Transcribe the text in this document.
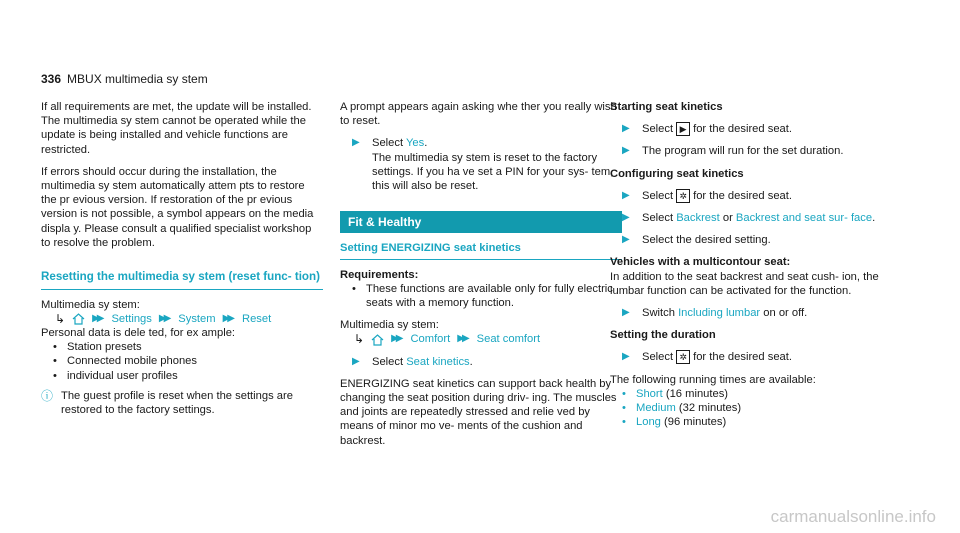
336 MBUX multimedia sy stem

If all requirements are met, the update will be installed. The multimedia sy stem cannot be operated while the update is being installed and vehicle functions are restricted.

If errors should occur during the installation, the multimedia sy stem automatically attem pts to restore the pr evious version. If restoration of the pr evious version is not possible, a symbol appears on the media displa y. Please consult a qualified specialist workshop to resolve the problem.

Resetting the multimedia sy stem (reset func‐ tion)

Multimedia sy stem:

↳	▶▶ Settings ▶▶ System ▶▶ Reset

Personal data is dele ted, for ex ample:

• Station presets
• Connected mobile phones
• individual user profiles
ⓘ The guest profile is reset when the settings are restored to the factory settings.

A prompt appears again asking whe ther you really wish to reset.

▶	Select Yes.
The multimedia sy stem is reset to the factory settings. If you ha ve set a PIN for your sys‐ tem, this will also be reset.
Fit & Healthy
Setting ENERGIZING seat kinetics

Requirements:

• These functions are available only for fully electric seats with a memory function.

Multimedia sy stem:

↳	▶▶ Comfort ▶▶ Seat comfort
▶	Select Seat kinetics.

ENERGIZING seat kinetics can support back health by changing the seat position during driv‐ ing. The muscles and joints are repeatedly stressed and relie ved by means of minor mo ve‐ ments of the cushion and backrest.

Starting seat kinetics

▶	Select ▶ for the desired seat.
▶	The program will run for the set duration.

Configuring seat kinetics

▶	Select ✲ for the desired seat.
▶	Select Backrest or Backrest and seat sur‐ face.
▶	Select the desired setting.

Vehicles with a multicontour seat:

In addition to the seat backrest and seat cush‐ ion, the lumbar function can be activated for the function.

▶	Switch Including lumbar on or off.

Setting the duration

▶	Select ✲ for the desired seat.

The following running times are available:

• Short
(16 minutes)
• Medium
(32 minutes)
• Long
(96 minutes)
carmanualsonline.info
